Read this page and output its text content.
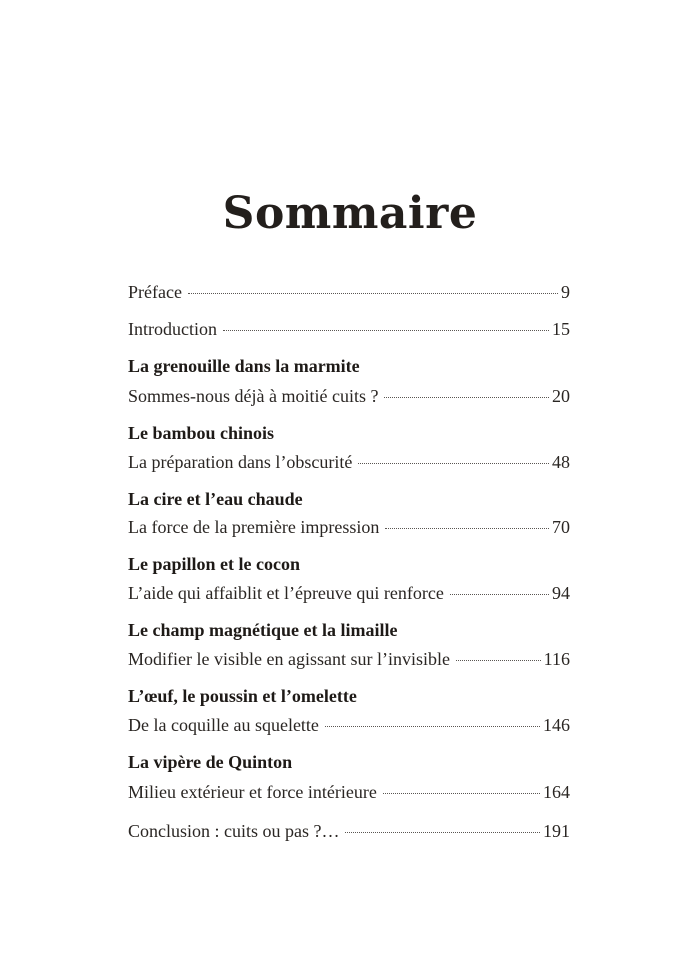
Sommaire
Préface	9
Introduction	15
La grenouille dans la marmite
Sommes-nous déjà à moitié cuits ?	20
Le bambou chinois
La préparation dans l’obscurité	48
La cire et l’eau chaude
La force de la première impression	70
Le papillon et le cocon
L’aide qui affaiblit et l’épreuve qui renforce	94
Le champ magnétique et la limaille
Modifier le visible en agissant sur l’invisible	116
L’œuf, le poussin et l’omelette
De la coquille au squelette	146
La vipère de Quinton
Milieu extérieur et force intérieure	164
Conclusion : cuits ou pas ?…	191
